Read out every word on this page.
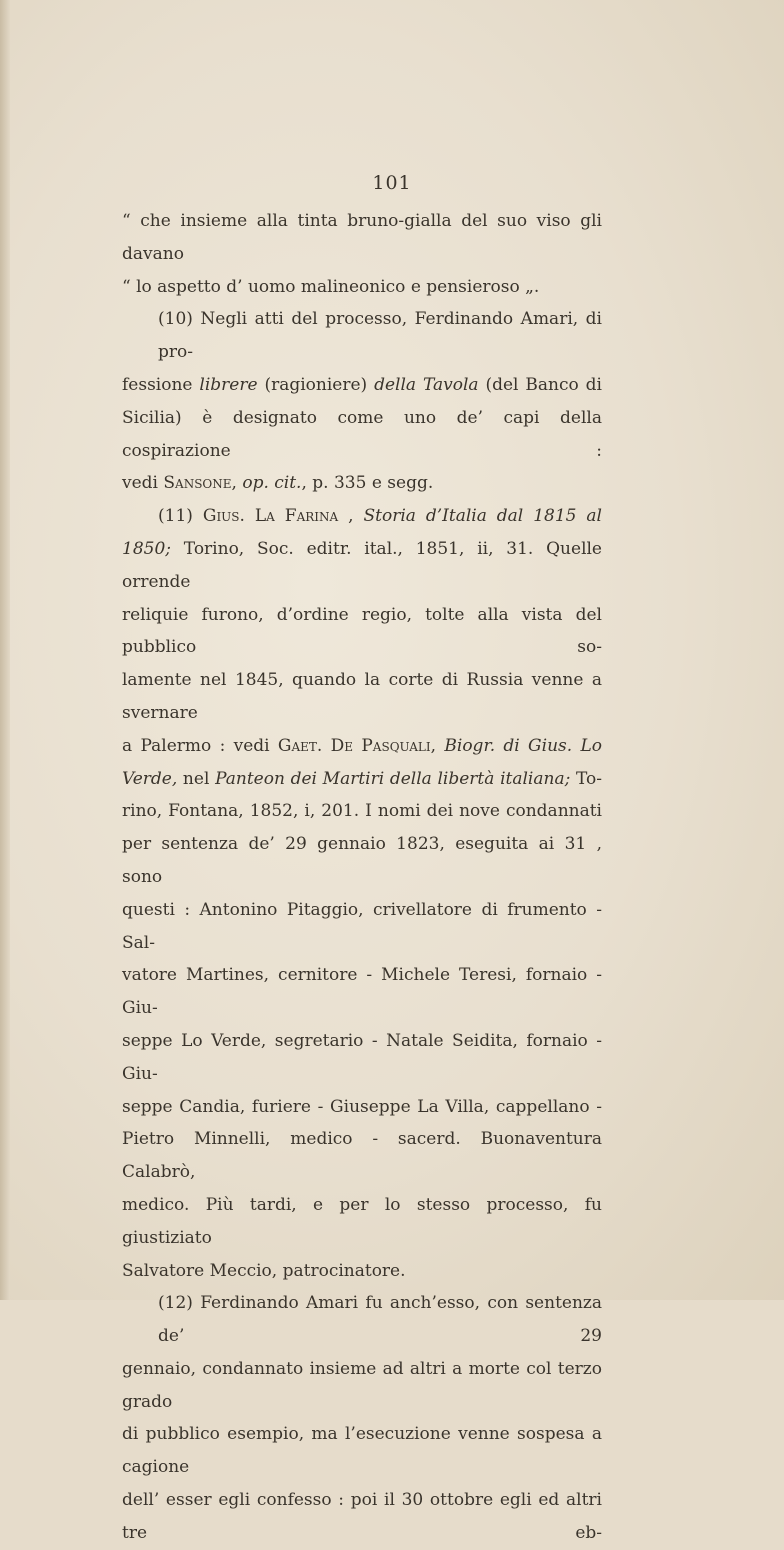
101
“ che insieme alla tinta bruno-gialla del suo viso gli davano
“ lo aspetto d’ uomo malineonico e pensieroso „.
(10) Negli atti del processo, Ferdinando Amari, di pro-
fessione librere (ragioniere) della Tavola (del Banco di
Sicilia) è designato come uno de’ capi della cospirazione :
vedi Sansone, op. cit., p. 335 e segg.
(11) Gius. La Farina , Storia d’Italia dal 1815 al
1850; Torino, Soc. editr. ital., 1851, ii, 31. Quelle orrende
reliquie furono, d’ordine regio, tolte alla vista del pubblico so-
lamente nel 1845, quando la corte di Russia venne a svernare
a Palermo : vedi Gaet. De Pasquali, Biogr. di Gius. Lo
Verde, nel Panteon dei Martiri della libertà italiana; To-
rino, Fontana, 1852, i, 201. I nomi dei nove condannati
per sentenza de’ 29 gennaio 1823, eseguita ai 31 , sono
questi : Antonino Pitaggio, crivellatore di frumento - Sal-
vatore Martines, cernitore - Michele Teresi, fornaio - Giu-
seppe Lo Verde, segretario - Natale Seidita, fornaio - Giu-
seppe Candia, furiere - Giuseppe La Villa, cappellano -
Pietro Minnelli, medico - sacerd. Buonaventura Calabrò,
medico. Più tardi, e per lo stesso processo, fu giustiziato
Salvatore Meccio, patrocinatore.
(12) Ferdinando Amari fu anch’esso, con sentenza de’ 29
gennaio, condannato insieme ad altri a morte col terzo grado
di pubblico esempio, ma l’esecuzione venne sospesa a cagione
dell’ esser egli confesso : poi il 30 ottobre egli ed altri tre eb-
